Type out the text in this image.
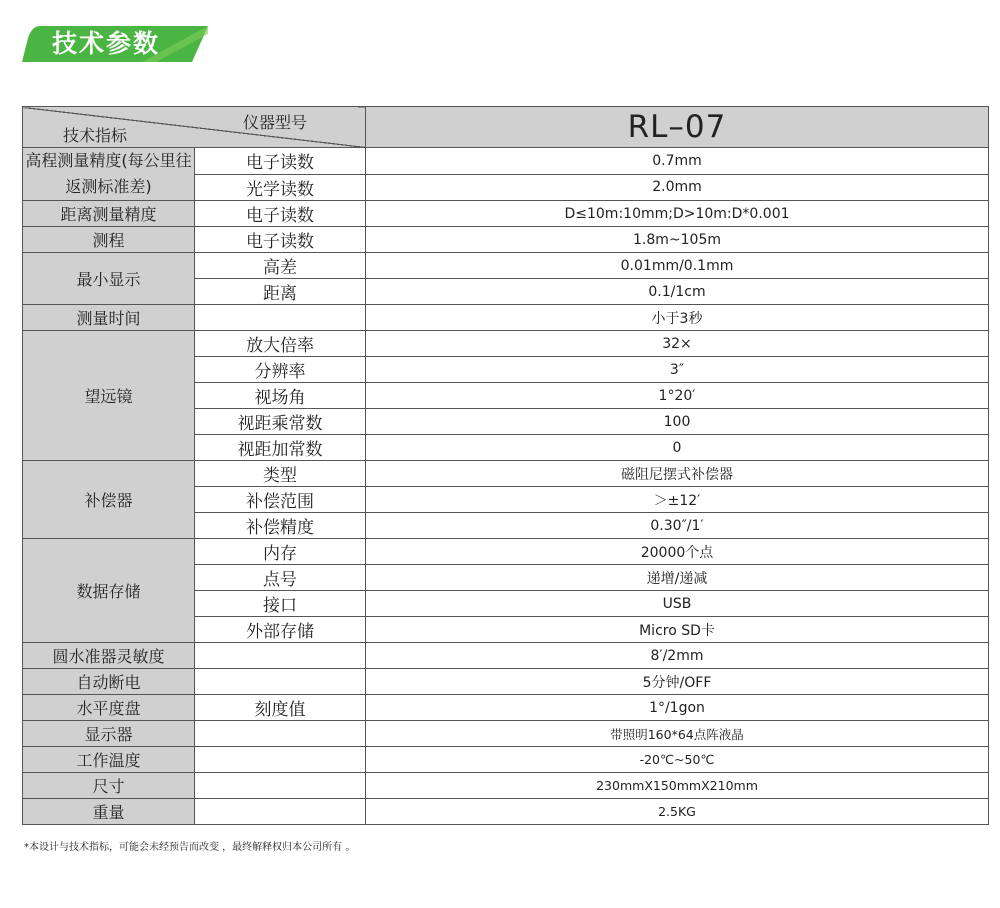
技术参数
技术指标
仪器型号		RL–07
高程测量精度(每公里往返测标准差)	电子读数	0.7mm
	光学读数	2.0mm
距离测量精度	电子读数	D≤10m:10mm;D>10m:D*0.001
测程	电子读数	1.8m~105m
最小显示	高差	0.01mm/0.1mm
	距离	0.1/1cm
测量时间		小于3秒
望远镜	放大倍率	32×
	分辨率	3″
	视场角	1°20′
	视距乘常数	100
	视距加常数	0
补偿器	类型	磁阻尼摆式补偿器
	补偿范围	＞±12′
	补偿精度	0.30″/1′
数据存储	内存	20000个点
	点号	递增/递减
	接口	USB
	外部存储	Micro SD卡
圆水准器灵敏度		8′/2mm
自动断电		5分钟/OFF
水平度盘	刻度值	1°/1gon
显示器		带照明160*64点阵液晶
工作温度		-20℃~50℃
尺寸		230mmX150mmX210mm
重量		2.5KG
*本设计与技术指标，可能会未经预告而改变 ，最终解释权归本公司所有 。
